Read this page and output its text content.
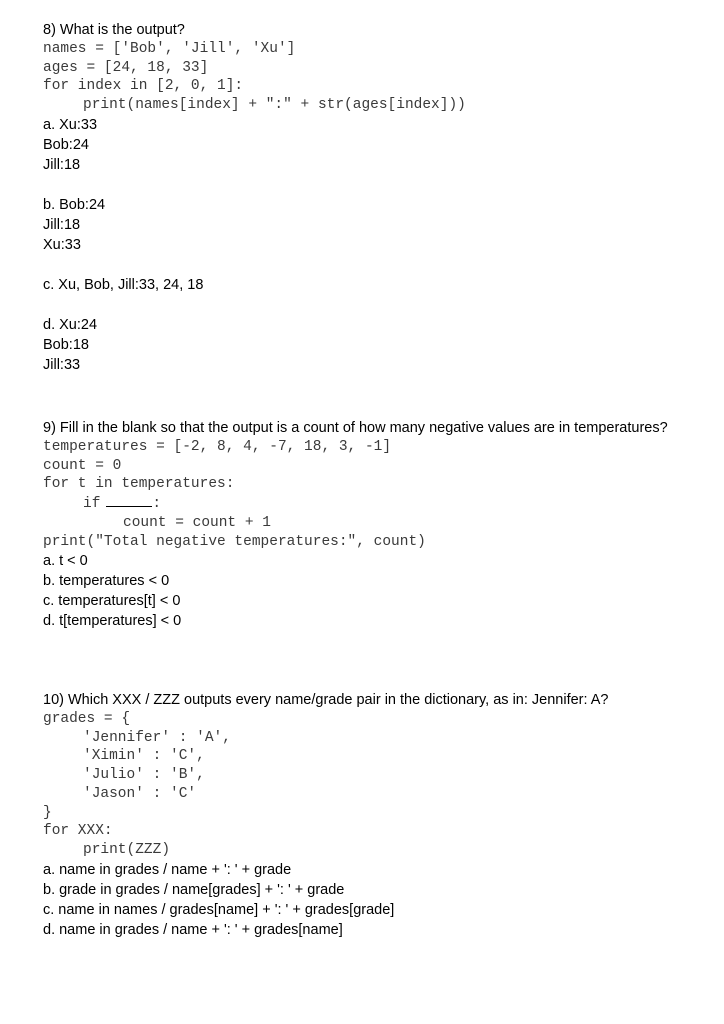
8) What is the output?
names = ['Bob', 'Jill', 'Xu']
ages = [24, 18, 33]
for index in [2, 0, 1]:
print(names[index] + ":" + str(ages[index]))
a. Xu:33
Bob:24
Jill:18
b. Bob:24
Jill:18
Xu:33
c. Xu, Bob, Jill:33, 24, 18
d. Xu:24
Bob:18
Jill:33
9) Fill in the blank so that the output is a count of how many negative values are in temperatures?
temperatures = [-2, 8, 4, -7, 18, 3, -1]
count = 0
for t in temperatures:
if	:
count = count + 1
print("Total negative temperatures:", count)
a. t < 0
b. temperatures < 0
c. temperatures[t] < 0
d. t[temperatures] < 0
10) Which XXX / ZZZ outputs every name/grade pair in the dictionary, as in: Jennifer: A?
grades = {
'Jennifer' : 'A',
'Ximin' : 'C',
'Julio' : 'B',
'Jason' : 'C'
}
for XXX:
print(ZZZ)
a. name in grades / name + ': ' + grade
b. grade in grades / name[grades] + ': ' + grade
c. name in names / grades[name] + ': ' + grades[grade]
d. name in grades / name + ': ' + grades[name]
